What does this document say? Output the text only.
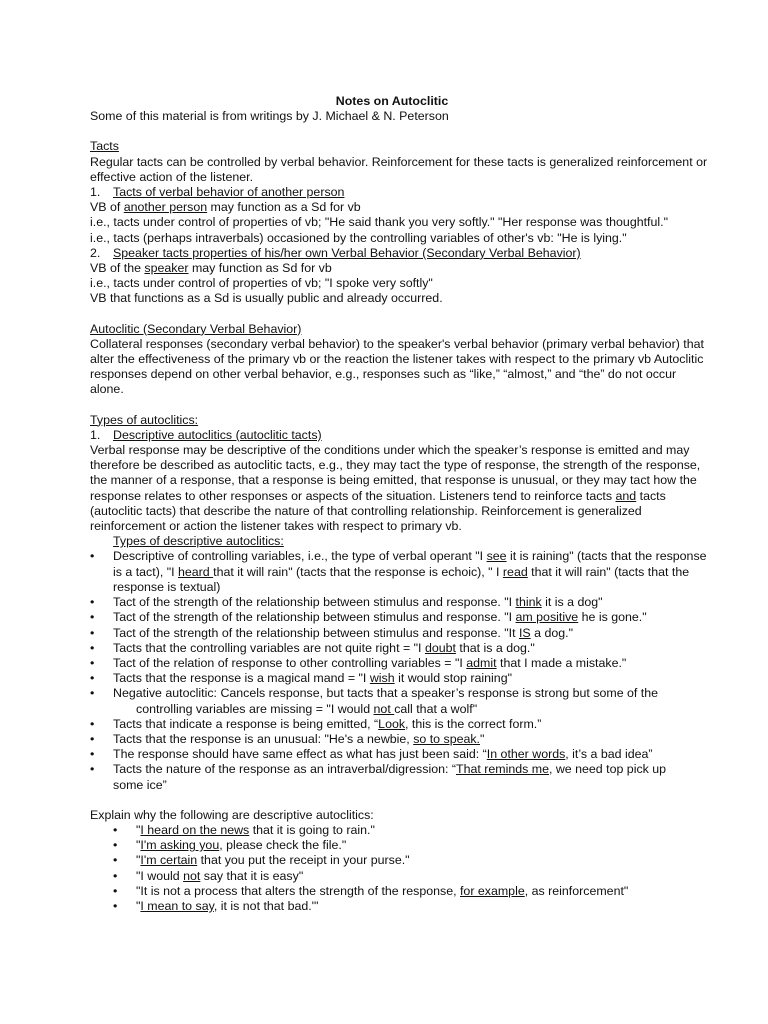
Notes on Autoclitic

Some of this material is from writings by J. Michael & N. Peterson

Tacts

Regular tacts can be controlled by verbal behavior. Reinforcement for these tacts is generalized reinforcement or effective action of the listener.

1. Tacts of verbal behavior of another person

VB of another person may function as a Sd for vb

i.e., tacts under control of properties of vb; "He said thank you very softly." "Her response was thoughtful."

i.e., tacts (perhaps intraverbals) occasioned by the controlling variables of other's vb: "He is lying."

2. Speaker tacts properties of his/her own Verbal Behavior (Secondary Verbal Behavior)

VB of the speaker may function as Sd for vb

i.e., tacts under control of properties of vb; "I spoke very softly"

VB that functions as a Sd is usually public and already occurred.

Autoclitic (Secondary Verbal Behavior)

Collateral responses (secondary verbal behavior) to the speaker's verbal behavior (primary verbal behavior) that alter the effectiveness of the primary vb or the reaction the listener takes with respect to the primary vb Autoclitic responses depend on other verbal behavior, e.g., responses such as “like,” “almost,” and “the” do not occur alone.

Types of autoclitics:

1. Descriptive autoclitics (autoclitic tacts)

Verbal response may be descriptive of the conditions under which the speaker’s response is emitted and may therefore be described as autoclitic tacts, e.g., they may tact the type of response, the strength of the response, the manner of a response, that a response is being emitted, that response is unusual, or they may tact how the response relates to other responses or aspects of the situation. Listeners tend to reinforce tacts and tacts (autoclitic tacts) that describe the nature of that controlling relationship. Reinforcement is generalized reinforcement or action the listener takes with respect to primary vb.

Types of descriptive autoclitics:

• Descriptive of controlling variables, i.e., the type of verbal operant "I see it is raining" (tacts that the response is a tact), "I heard that it will rain" (tacts that the response is echoic), " I read that it will rain" (tacts that the response is textual)
• Tact of the strength of the relationship between stimulus and response. "I think it is a dog"
• Tact of the strength of the relationship between stimulus and response. "I am positive he is gone."
• Tact of the strength of the relationship between stimulus and response. "It IS a dog."
• Tacts that the controlling variables are not quite right = "I doubt that is a dog."
• Tact of the relation of response to other controlling variables = "I admit that I made a mistake."
• Tacts that the response is a magical mand = "I wish it would stop raining"
• Negative autoclitic: Cancels response, but tacts that a speaker’s response is strong but some of the
controlling variables are missing = "I would not call that a wolf"
• Tacts that indicate a response is being emitted, “Look, this is the correct form.”
• Tacts that the response is an unusual: "He's a newbie, so to speak."
• The response should have same effect as what has just been said: “In other words, it’s a bad idea”
• Tacts the nature of the response as an intraverbal/digression: “That reminds me, we need top pick up
some ice”

Explain why the following are descriptive autoclitics:

• "I heard on the news that it is going to rain."
• "I'm asking you, please check the file."
• "I'm certain that you put the receipt in your purse."
• "I would not say that it is easy"
• "It is not a process that alters the strength of the response, for example, as reinforcement"
• "I mean to say, it is not that bad.'"
